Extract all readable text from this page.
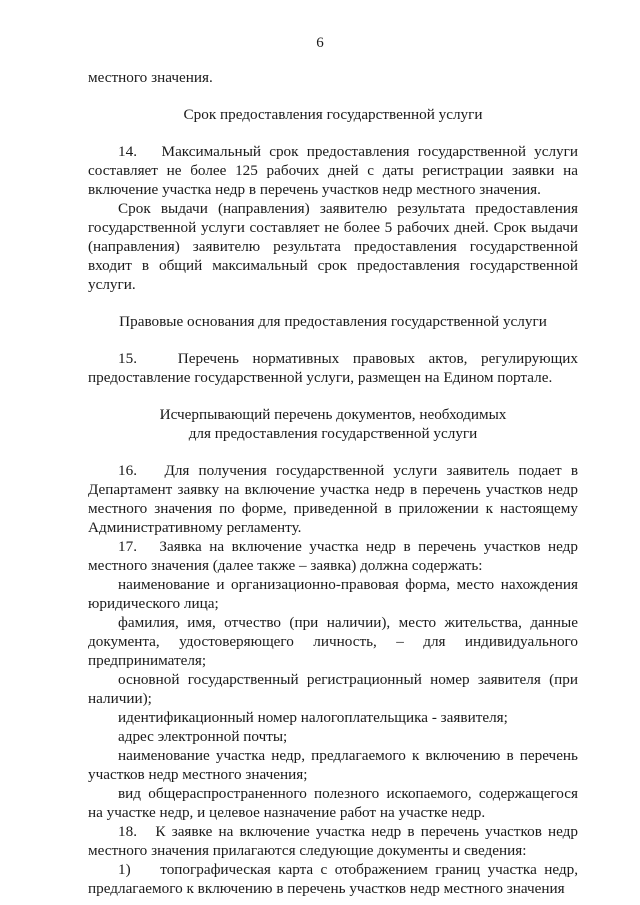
6

местного значения.

Срок предоставления государственной услуги

14.   Максимальный срок предоставления государственной услуги составляет не более 125 рабочих дней с даты регистрации заявки на включение участка недр в перечень участков недр местного значения.

Срок выдачи (направления) заявителю результата предоставления государственной услуги составляет не более 5 рабочих дней. Срок выдачи (направления) заявителю результата предоставления государственной входит в общий максимальный срок предоставления государственной услуги.

Правовые основания для предоставления государственной услуги

15.   Перечень нормативных правовых актов, регулирующих предоставление государственной услуги, размещен на Едином портале.

Исчерпывающий перечень документов, необходимых

для предоставления государственной услуги

16.   Для получения государственной услуги заявитель подает в Департамент заявку на включение участка недр в перечень участков недр местного значения по форме, приведенной в приложении к настоящему Административному регламенту.

17.   Заявка на включение участка недр в перечень участков недр местного значения (далее также – заявка) должна содержать:

наименование и организационно-правовая форма, место нахождения юридического лица;

фамилия, имя, отчество (при наличии), место жительства, данные документа, удостоверяющего личность, – для индивидуального предпринимателя;

основной государственный регистрационный номер заявителя (при наличии);

идентификационный номер налогоплательщика - заявителя;

адрес электронной почты;

наименование участка недр, предлагаемого к включению в перечень участков недр местного значения;

вид общераспространенного полезного ископаемого, содержащегося на участке недр, и целевое назначение работ на участке недр.

18.   К заявке на включение участка недр в перечень участков недр местного значения прилагаются следующие документы и сведения:

1)    топографическая карта с отображением границ участка недр, предлагаемого к включению в перечень участков недр местного значения
